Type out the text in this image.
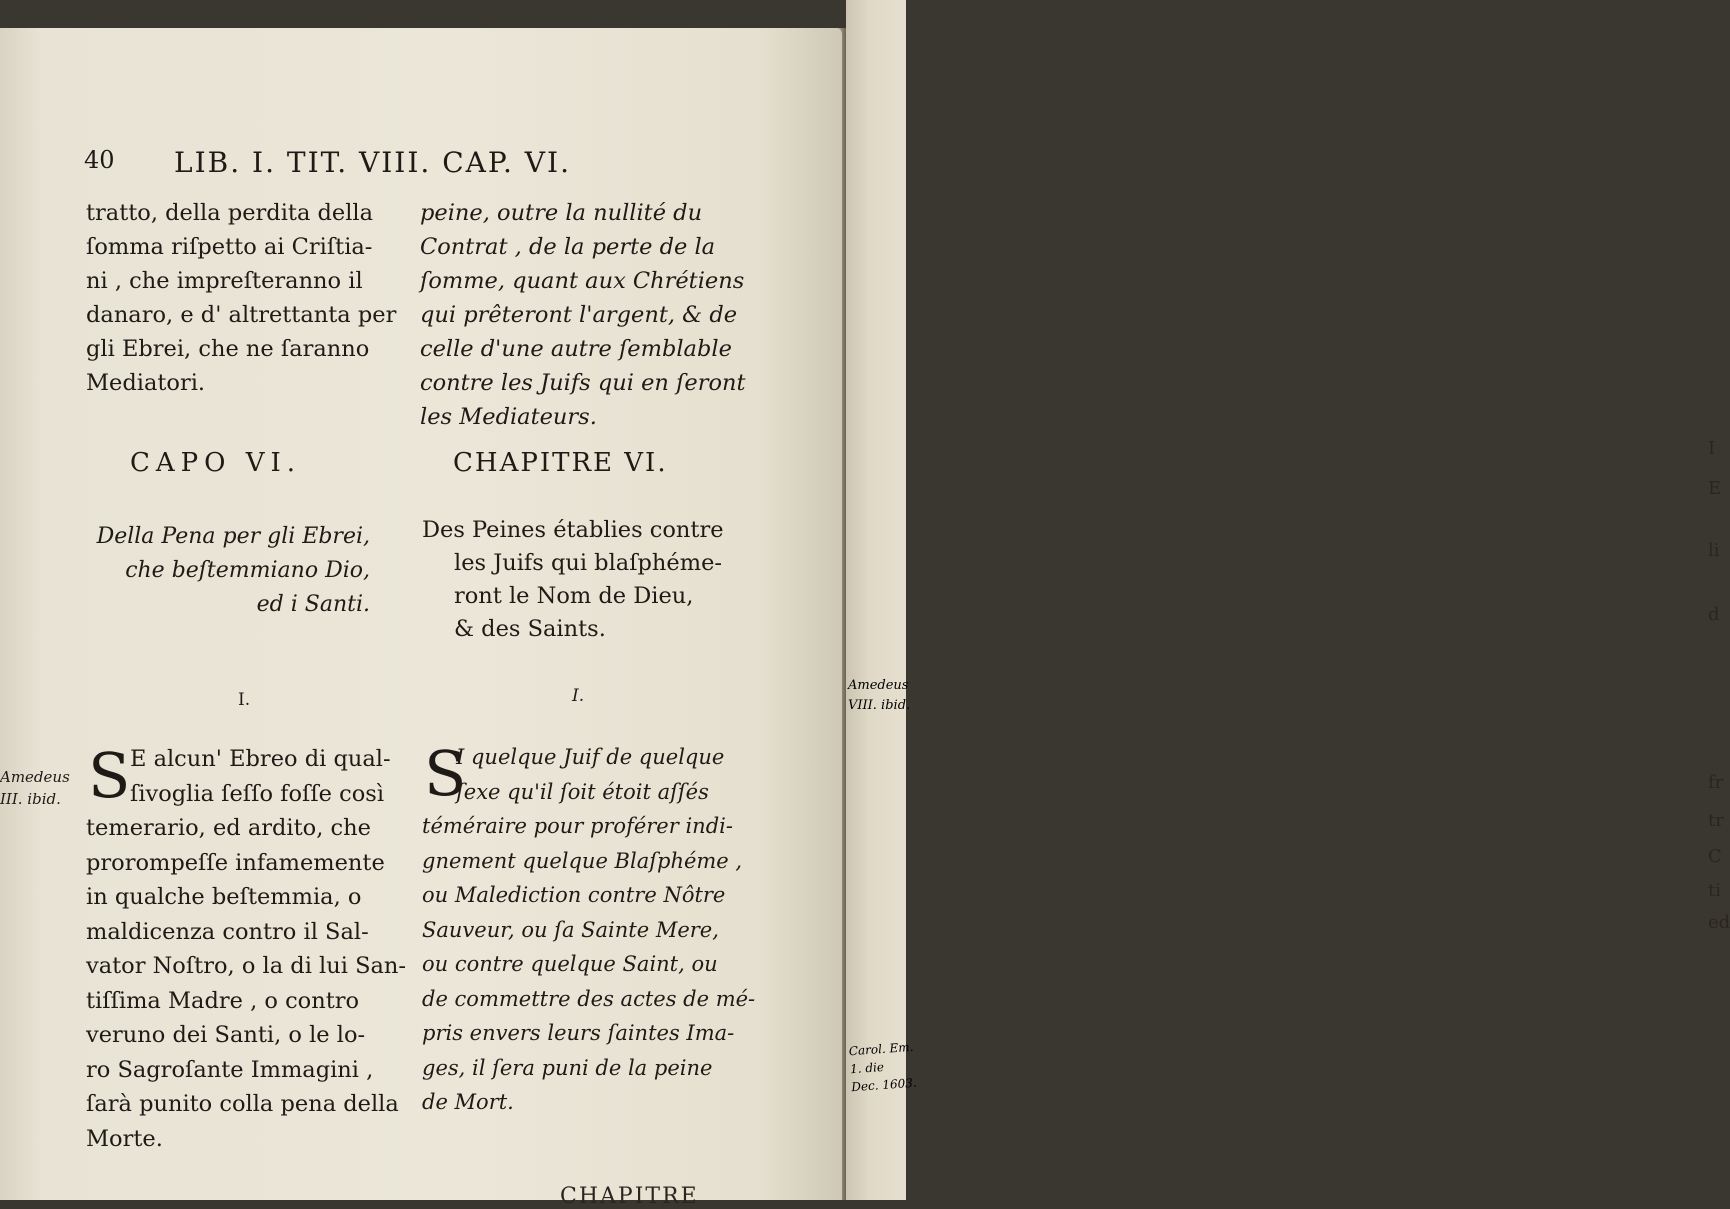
I
E
li
d
fr
tr
C
ti
ed
40 LIB. I. TIT. VIII. CAP. VI.
tratto, della perdita della
ſomma riſpetto ai Criſtia-
ni , che impreſteranno il
danaro, e d' altrettanta per
gli Ebrei, che ne ſaranno
Mediatori.
peine, outre la nullité du
Contrat , de la perte de la
ſomme, quant aux Chrétiens
qui prêteront l'argent, & de
celle d'une autre ſemblable
contre les Juifs qui en ſeront
les Mediateurs.
CAPO VI.	CHAPITRE VI.
Della Pena per gli Ebrei,
che beſtemmiano Dio,
ed i Santi.
Des Peines établies contre
les Juifs qui blaſphéme-
ront le Nom de Dieu,
& des Saints.
I.	I.
Amedeus
III. ibid. S E alcun' Ebreo di qual-
ſivoglia ſeſſo foſſe così
temerario, ed ardito, che
prorompeſſe infamemente
in qualche beſtemmia, o
maldicenza contro il Sal-
vator Noſtro, o la di lui San-
tiſſima Madre , o contro
veruno dei Santi, o le lo-
ro Sagroſante Immagini ,
ſarà punito colla pena della
Morte.
S
I quelque Juif de quelque
ſexe qu'il ſoit étoit aſſés
téméraire pour proférer indi-
gnement quelque Blaſphéme ,
ou Malediction contre Nôtre
Sauveur, ou ſa Sainte Mere,
ou contre quelque Saint, ou
de commettre des actes de mé-
pris envers leurs ſaintes Ima-
ges, il ſera puni de la peine
de Mort.
Amedeus
VIII. ibid.
Carol. Em.
1. die
Dec. 1603.
CHAPITRE
